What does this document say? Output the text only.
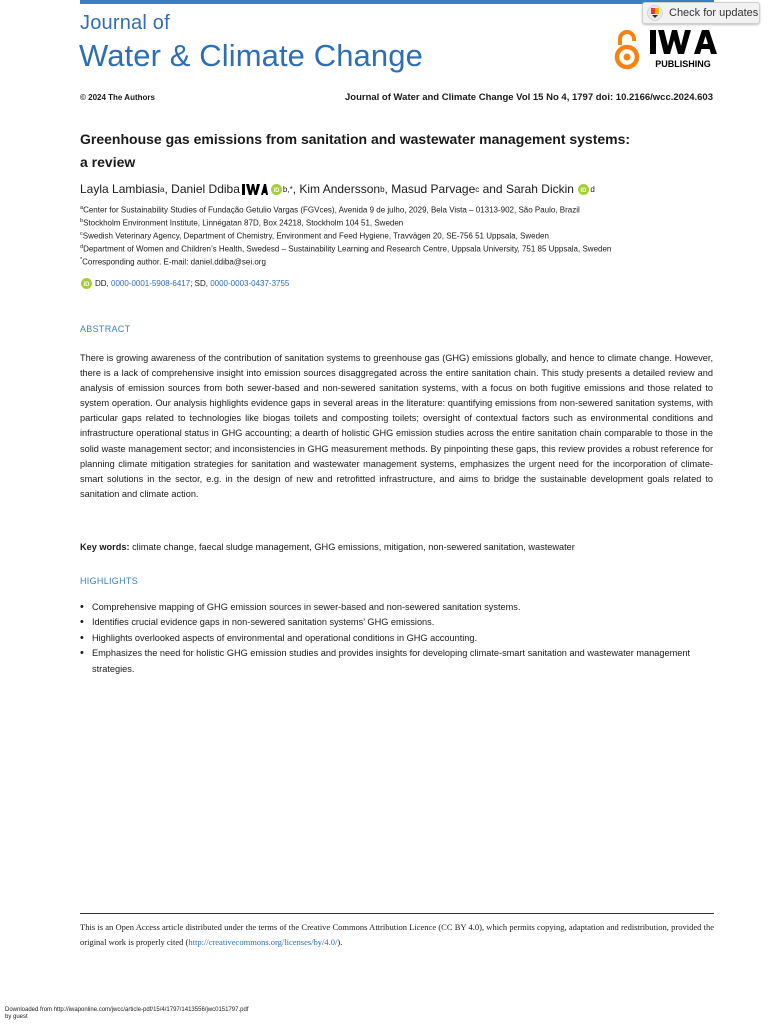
Journal of
Water & Climate Change
Check for updates
PUBLISHING
© 2024 The Authors	Journal of Water and Climate Change Vol 15 No 4, 1797 doi: 10.2166/wcc.2024.603
Greenhouse gas emissions from sanitation and wastewater management systems:
a review
Layla Lambiasi a , Daniel Ddiba	iD b,* , Kim Andersson b , Masud Parvage c and Sarah Dickin
iD d
$^a$Center for Sustainability Studies of Fundação Getulio Vargas (FGVces), Avenida 9 de julho, 2029, Bela Vista – 01313-902, São Paulo, Brazil
$^b$Stockholm Environment Institute, Linnégatan 87D, Box 24218, Stockholm 104 51, Sweden
$^c$Swedish Veterinary Agency, Department of Chemistry, Environment and Feed Hygiene, Travvägen 20, SE-756 51 Uppsala, Sweden
$^d$Department of Women and Children’s Health, Swedesd – Sustainability Learning and Research Centre, Uppsala University, 751 85 Uppsala, Sweden
*Corresponding author. E-mail: daniel.ddiba@sei.org
iD DD, 0000-0001-5908-6417 ; SD, 0000-0003-0437-3755
ABSTRACT
There is growing awareness of the contribution of sanitation systems to greenhouse gas (GHG) emissions globally, and hence to climate change. However, there is a lack of comprehensive insight into emission sources disaggregated across the entire sanitation chain. This study presents a detailed review and analysis of emission sources from both sewer-based and non-sewered sanitation systems, with a focus on both fugitive emissions and those related to system operation. Our analysis highlights evidence gaps in several areas in the literature: quantifying emissions from non-sewered sanitation systems, with particular gaps related to technologies like biogas toilets and composting toilets; oversight of contextual factors such as environmental conditions and infrastructure operational status in GHG accounting; a dearth of holistic GHG emission studies across the entire sanitation chain comparable to those in the solid waste management sector; and inconsistencies in GHG measurement methods. By pinpointing these gaps, this review provides a robust reference for planning climate mitigation strategies for sanitation and wastewater management systems, emphasizes the urgent need for the incorporation of climate-smart solutions in the sector, e.g. in the design of new and retrofitted infrastructure, and aims to bridge the sustainable development goals related to sanitation and climate action.
Key words: climate change, faecal sludge management, GHG emissions, mitigation, non-sewered sanitation, wastewater
HIGHLIGHTS
• Comprehensive mapping of GHG emission sources in sewer-based and non-sewered sanitation systems.
• Identifies crucial evidence gaps in non-sewered sanitation systems’ GHG emissions.
• Highlights overlooked aspects of environmental and operational conditions in GHG accounting.
• Emphasizes the need for holistic GHG emission studies and provides insights for developing climate-smart sanitation and wastewater management strategies.
This is an Open Access article distributed under the terms of the Creative Commons Attribution Licence (CC BY 4.0), which permits copying, adaptation and redistribution, provided the original work is properly cited (http://creativecommons.org/licenses/by/4.0/).
Downloaded from http://iwaponline.com/jwcc/article-pdf/15/4/1797/1413556/jwc0151797.pdf
by guest
